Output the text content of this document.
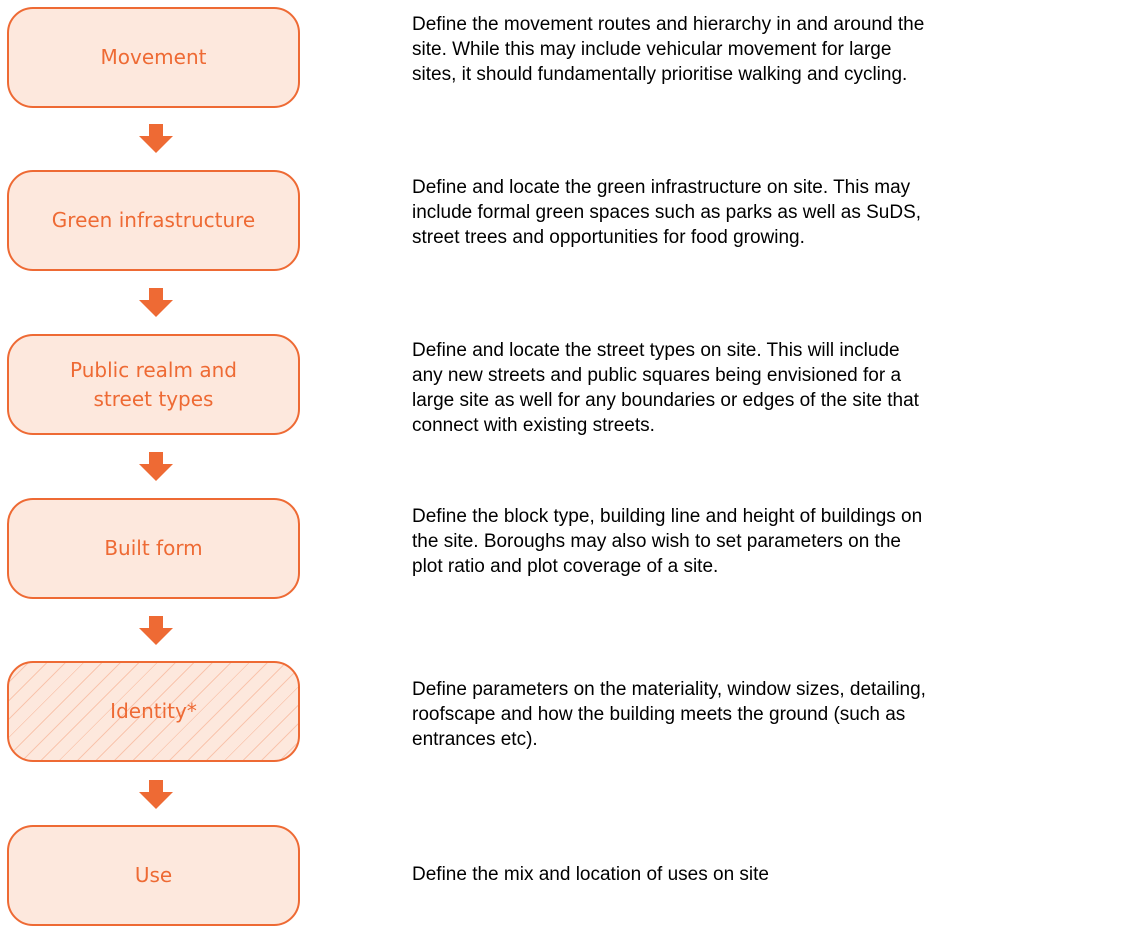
Movement

Define the movement routes and hierarchy in and around the site. While this may include vehicular movement for large sites, it should fundamentally prioritise walking and cycling.

Green infrastructure

Define and locate the green infrastructure on site. This may include formal green spaces such as parks as well as SuDS, street trees and opportunities for food growing.

Public realm and street types

Define and locate the street types on site. This will include any new streets and public squares being envisioned for a large site as well for any boundaries or edges of the site that connect with existing streets.

Built form

Define the block type, building line and height of buildings on the site. Boroughs may also wish to set parameters on the plot ratio and plot coverage of a site.

Identity*

Define parameters on the materiality, window sizes, detailing, roofscape and how the building meets the ground (such as entrances etc).

Use	Define the mix and location of uses on site
